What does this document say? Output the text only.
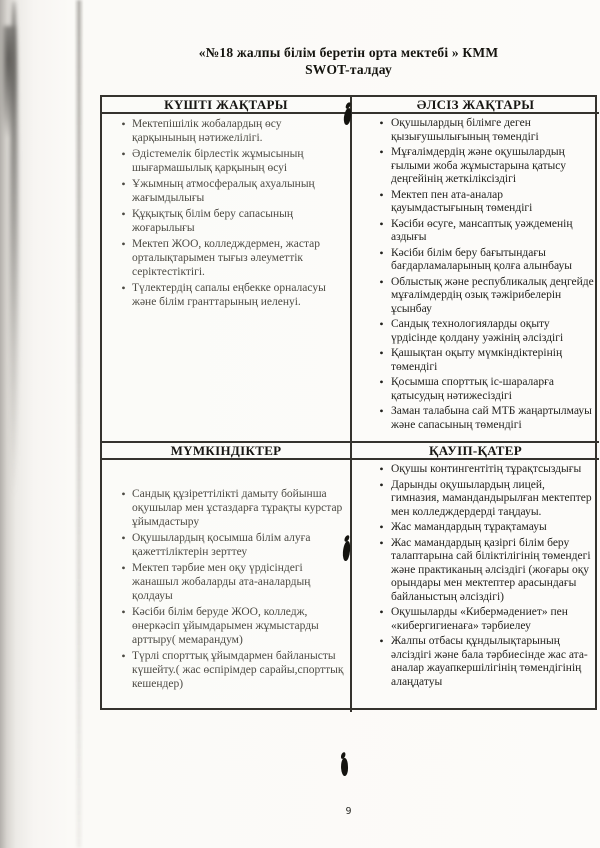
«№18 жалпы білім беретін орта мектебі » КММ
SWOT-талдау
КҮШТІ ЖАҚТАРЫ	ӘЛСІЗ ЖАҚТАРЫ
• Мектепішілік жобалардың өсу қарқынының нәтижелілігі.
• Әдістемелік бірлестік жұмысының шығармашылық қарқының өсуі
• Ұжымның атмосфералық ахуалының жағымдылығы
• Құқықтық білім беру сапасының жоғарылығы
• Мектеп ЖОО, колледждермен, жастар орталықтарымен тығыз әлеуметтік серіктестіктігі.
• Түлектердің сапалы еңбекке орналасуы және білім гранттарының иеленуі.
• Оқушылардың білімге деген қызығушылығының төмендігі
• Мұғалімдердің және оқушылардың ғылыми жоба жұмыстарына қатысу деңгейінің жеткіліксіздігі
• Мектеп пен ата-аналар қауымдастығының төмендігі
• Кәсіби өсуге, мансаптық уәждеменің аздығы
• Кәсіби білім беру бағытындағы бағдарламаларының қолға алынбауы
• Облыстық және республикалық деңгейде мұғалімдердің озық тәжірибелерін ұсынбау
• Сандық технологияларды оқыту үрдісінде қолдану уәжінің әлсіздігі
• Қашықтан оқыту мүмкіндіктерінің төмендігі
• Қосымша спорттық іс-шараларға қатысудың нәтижесіздігі
• Заман талабына сай МТБ жаңартылмауы және сапасының төмендігі
МҮМКІНДІКТЕР	ҚАУІП-ҚАТЕР
• Сандық құзіреттілікті дамыту бойынша оқушылар мен ұстаздарға тұрақты курстар ұйымдастыру
• Оқушылардың қосымша білім алуға қажеттіліктерін зерттеу
• Мектеп тәрбие мен оқу үрдісіндегі жанашыл жобаларды ата-аналардың қолдауы
• Кәсіби білім беруде ЖОО, колледж, өнеркәсіп ұйымдарымен жұмыстарды арттыру( мемарандум)
• Түрлі спорттық ұйымдармен байланысты күшейту.( жас өспірімдер сарайы,спорттық кешендер)
• Оқушы контингентітің тұрақтсыздығы
• Дарынды оқушылардың лицей, гимназия, мамандандырылған мектептер мен колледждердерді таңдауы.
• Жас мамандардың тұрақтамауы
• Жас мамандардың қазіргі білім беру талаптарына сай біліктілігінің төмендегі және практиканың әлсіздігі (жоғары оқу орындары мен мектептер арасындағы байланыстың әлсіздігі)
• Оқушыларды «Кибермәдениет» пен «кибергигиенаға» тәрбиелеу
• Жалпы отбасы құндылықтарының әлсіздігі және бала тәрбиесінде жас ата-аналар жауапкершілігінің төмендігінің алаңдатуы
9
